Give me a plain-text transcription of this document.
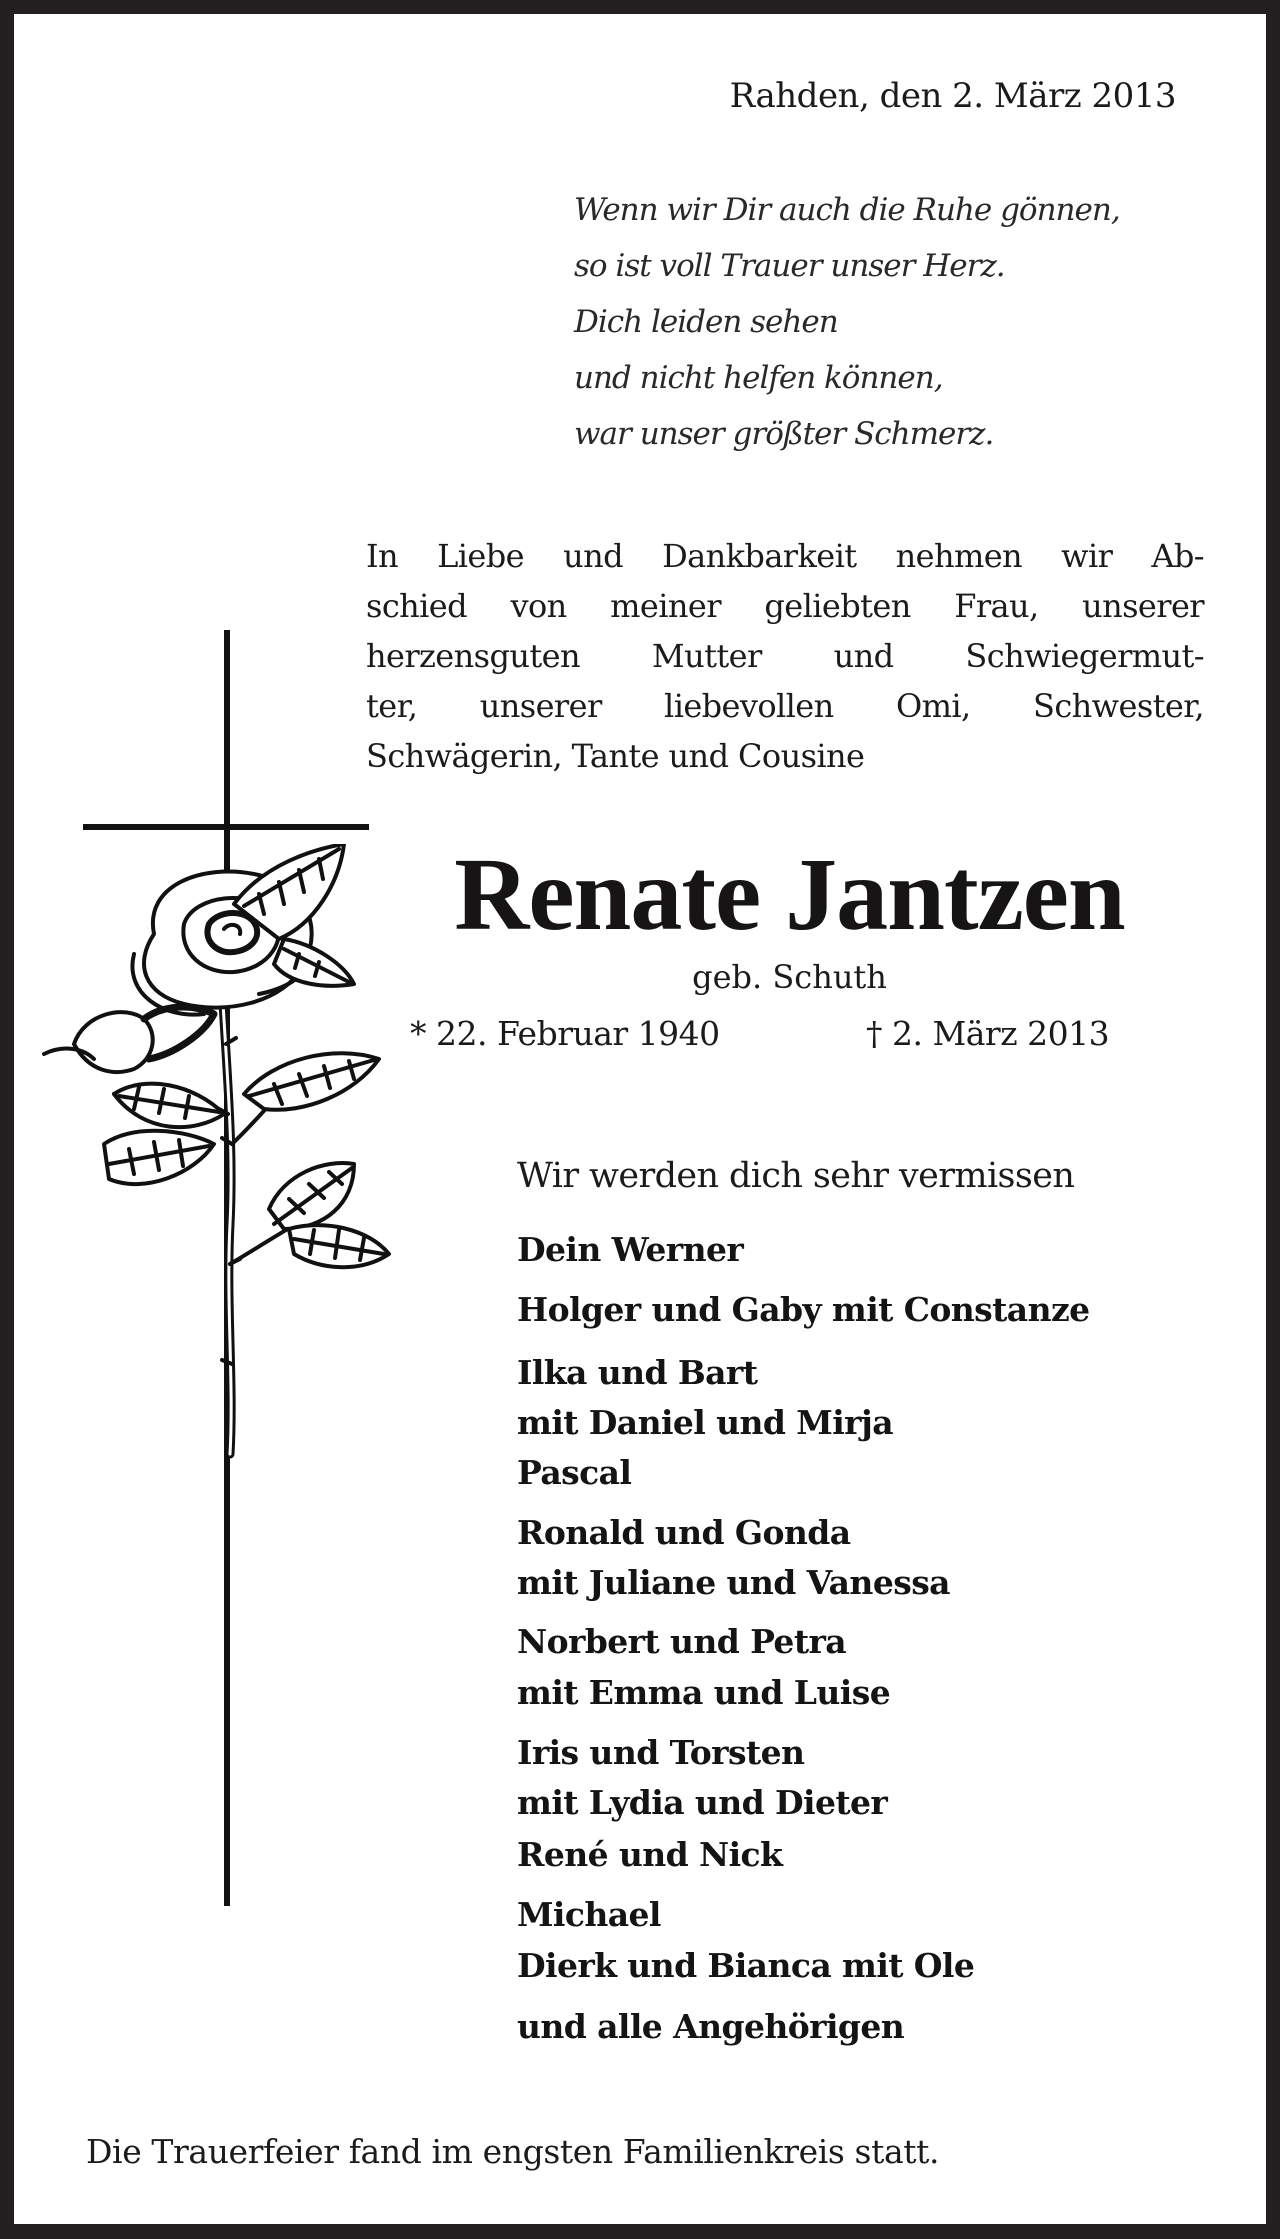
Rahden, den 2. März 2013
Wenn wir Dir auch die Ruhe gönnen,
so ist voll Trauer unser Herz.
Dich leiden sehen
und nicht helfen können,
war unser größter Schmerz.
In Liebe und Dankbarkeit nehmen wir Ab-
schied von meiner geliebten Frau, unserer
herzensguten Mutter und Schwiegermut-
ter, unserer liebevollen Omi, Schwester,
Schwägerin, Tante und Cousine
Renate Jantzen
geb. Schuth
* 22. Februar 1940	† 2. März 2013
Wir werden dich sehr vermissen
Dein Werner
Holger und Gaby mit Constanze
Ilka und Bart
mit Daniel und Mirja
Pascal
Ronald und Gonda
mit Juliane und Vanessa
Norbert und Petra
mit Emma und Luise
Iris und Torsten
mit Lydia und Dieter
René und Nick
Michael
Dierk und Bianca mit Ole
und alle Angehörigen
Die Trauerfeier fand im engsten Familienkreis statt.
